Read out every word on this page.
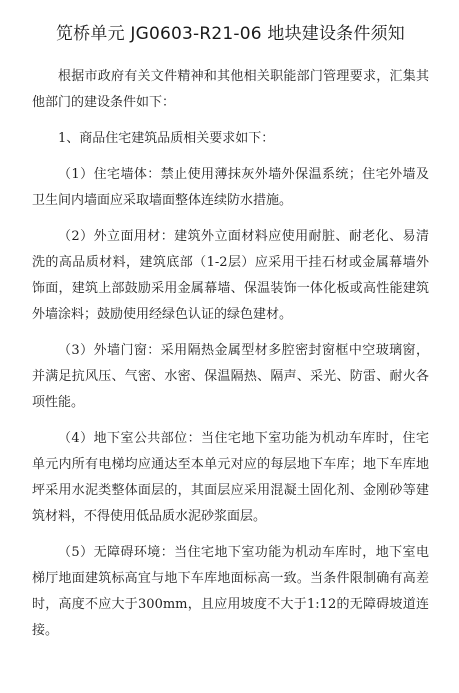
笕桥单元 JG0603-R21-06 地块建设条件须知

根据市政府有关文件精神和其他相关职能部门管理要求，汇集其他部门的建设条件如下：

1、商品住宅建筑品质相关要求如下：

（1）住宅墙体：禁止使用薄抹灰外墙外保温系统；住宅外墙及卫生间内墙面应采取墙面整体连续防水措施。

（2）外立面用材：建筑外立面材料应使用耐脏、耐老化、易清洗的高品质材料，建筑底部（1-2层）应采用干挂石材或金属幕墙外饰面，建筑上部鼓励采用金属幕墙、保温装饰一体化板或高性能建筑外墙涂料；鼓励使用经绿色认证的绿色建材。

（3）外墙门窗：采用隔热金属型材多腔密封窗框中空玻璃窗，并满足抗风压、气密、水密、保温隔热、隔声、采光、防雷、耐火各项性能。

（4）地下室公共部位：当住宅地下室功能为机动车库时，住宅单元内所有电梯均应通达至本单元对应的每层地下车库；地下车库地坪采用水泥类整体面层的，其面层应采用混凝土固化剂、金刚砂等建筑材料，不得使用低品质水泥砂浆面层。

（5）无障碍环境：当住宅地下室功能为机动车库时，地下室电梯厅地面建筑标高宜与地下车库地面标高一致。当条件限制确有高差时，高度不应大于300mm，且应用坡度不大于1:12的无障碍坡道连接。
